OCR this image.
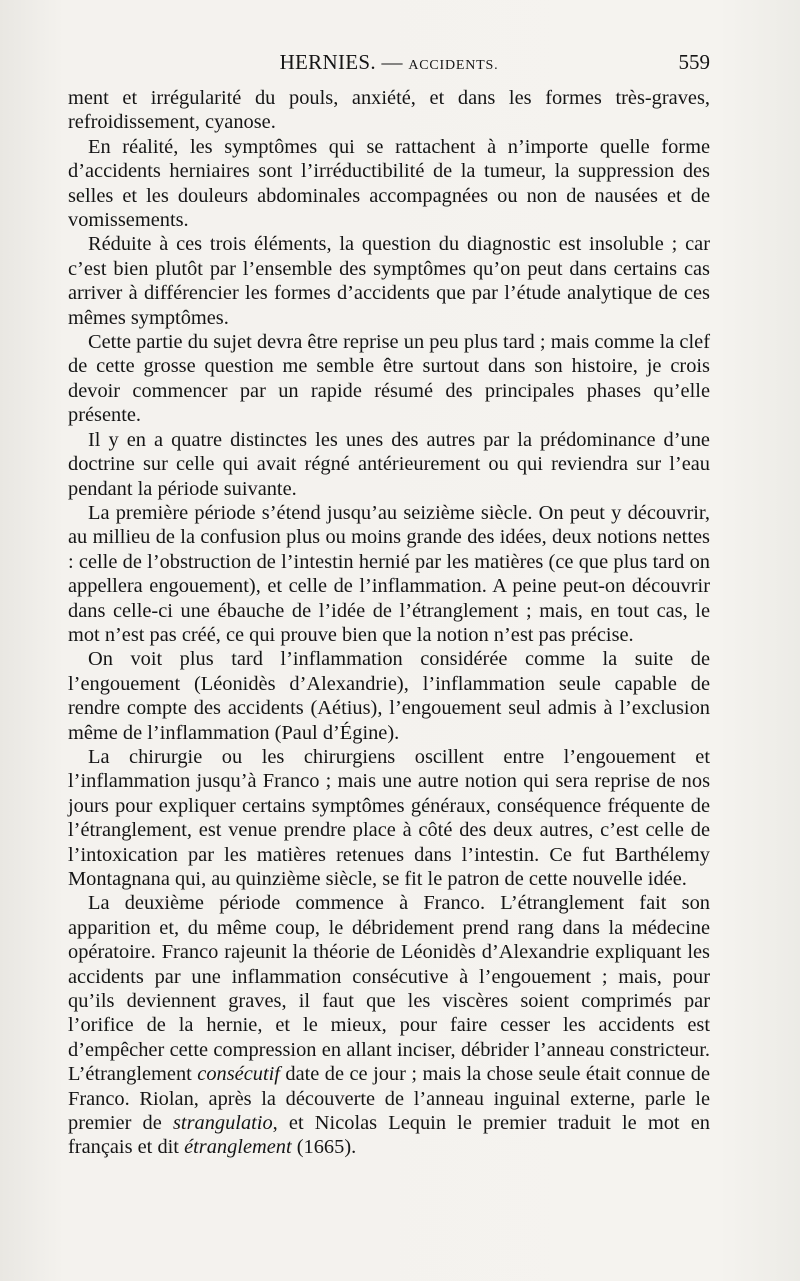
HERNIES. — ACCIDENTS.	559

ment et irrégularité du pouls, anxiété, et dans les formes très-graves, refroidissement, cyanose.

En réalité, les symptômes qui se rattachent à n’importe quelle forme d’accidents herniaires sont l’irréductibilité de la tumeur, la suppression des selles et les douleurs abdominales accompagnées ou non de nausées et de vomissements.

Réduite à ces trois éléments, la question du diagnostic est insoluble ; car c’est bien plutôt par l’ensemble des symptômes qu’on peut dans certains cas arriver à différencier les formes d’accidents que par l’étude analytique de ces mêmes symptômes.

Cette partie du sujet devra être reprise un peu plus tard ; mais comme la clef de cette grosse question me semble être surtout dans son histoire, je crois devoir commencer par un rapide résumé des principales phases qu’elle présente.

Il y en a quatre distinctes les unes des autres par la prédominance d’une doctrine sur celle qui avait régné antérieurement ou qui reviendra sur l’eau pendant la période suivante.

La première période s’étend jusqu’au seizième siècle. On peut y découvrir, au millieu de la confusion plus ou moins grande des idées, deux notions nettes : celle de l’obstruction de l’intestin hernié par les matières (ce que plus tard on appellera engouement), et celle de l’inflammation. A peine peut-on découvrir dans celle-ci une ébauche de l’idée de l’étranglement ; mais, en tout cas, le mot n’est pas créé, ce qui prouve bien que la notion n’est pas précise.

On voit plus tard l’inflammation considérée comme la suite de l’engouement (Léonidès d’Alexandrie), l’inflammation seule capable de rendre compte des accidents (Aétius), l’engouement seul admis à l’exclusion même de l’inflammation (Paul d’Égine).

La chirurgie ou les chirurgiens oscillent entre l’engouement et l’inflammation jusqu’à Franco ; mais une autre notion qui sera reprise de nos jours pour expliquer certains symptômes généraux, conséquence fréquente de l’étranglement, est venue prendre place à côté des deux autres, c’est celle de l’intoxication par les matières retenues dans l’intestin. Ce fut Barthélemy Montagnana qui, au quinzième siècle, se fit le patron de cette nouvelle idée.

La deuxième période commence à Franco. L’étranglement fait son apparition et, du même coup, le débridement prend rang dans la médecine opératoire. Franco rajeunit la théorie de Léonidès d’Alexandrie expliquant les accidents par une inflammation consécutive à l’engouement ; mais, pour qu’ils deviennent graves, il faut que les viscères soient comprimés par l’orifice de la hernie, et le mieux, pour faire cesser les accidents est d’empêcher cette compression en allant inciser, débrider l’anneau constricteur. L’étranglement consécutif date de ce jour ; mais la chose seule était connue de Franco. Riolan, après la découverte de l’anneau inguinal externe, parle le premier de strangulatio, et Nicolas Lequin le premier traduit le mot en français et dit étranglement (1665).
